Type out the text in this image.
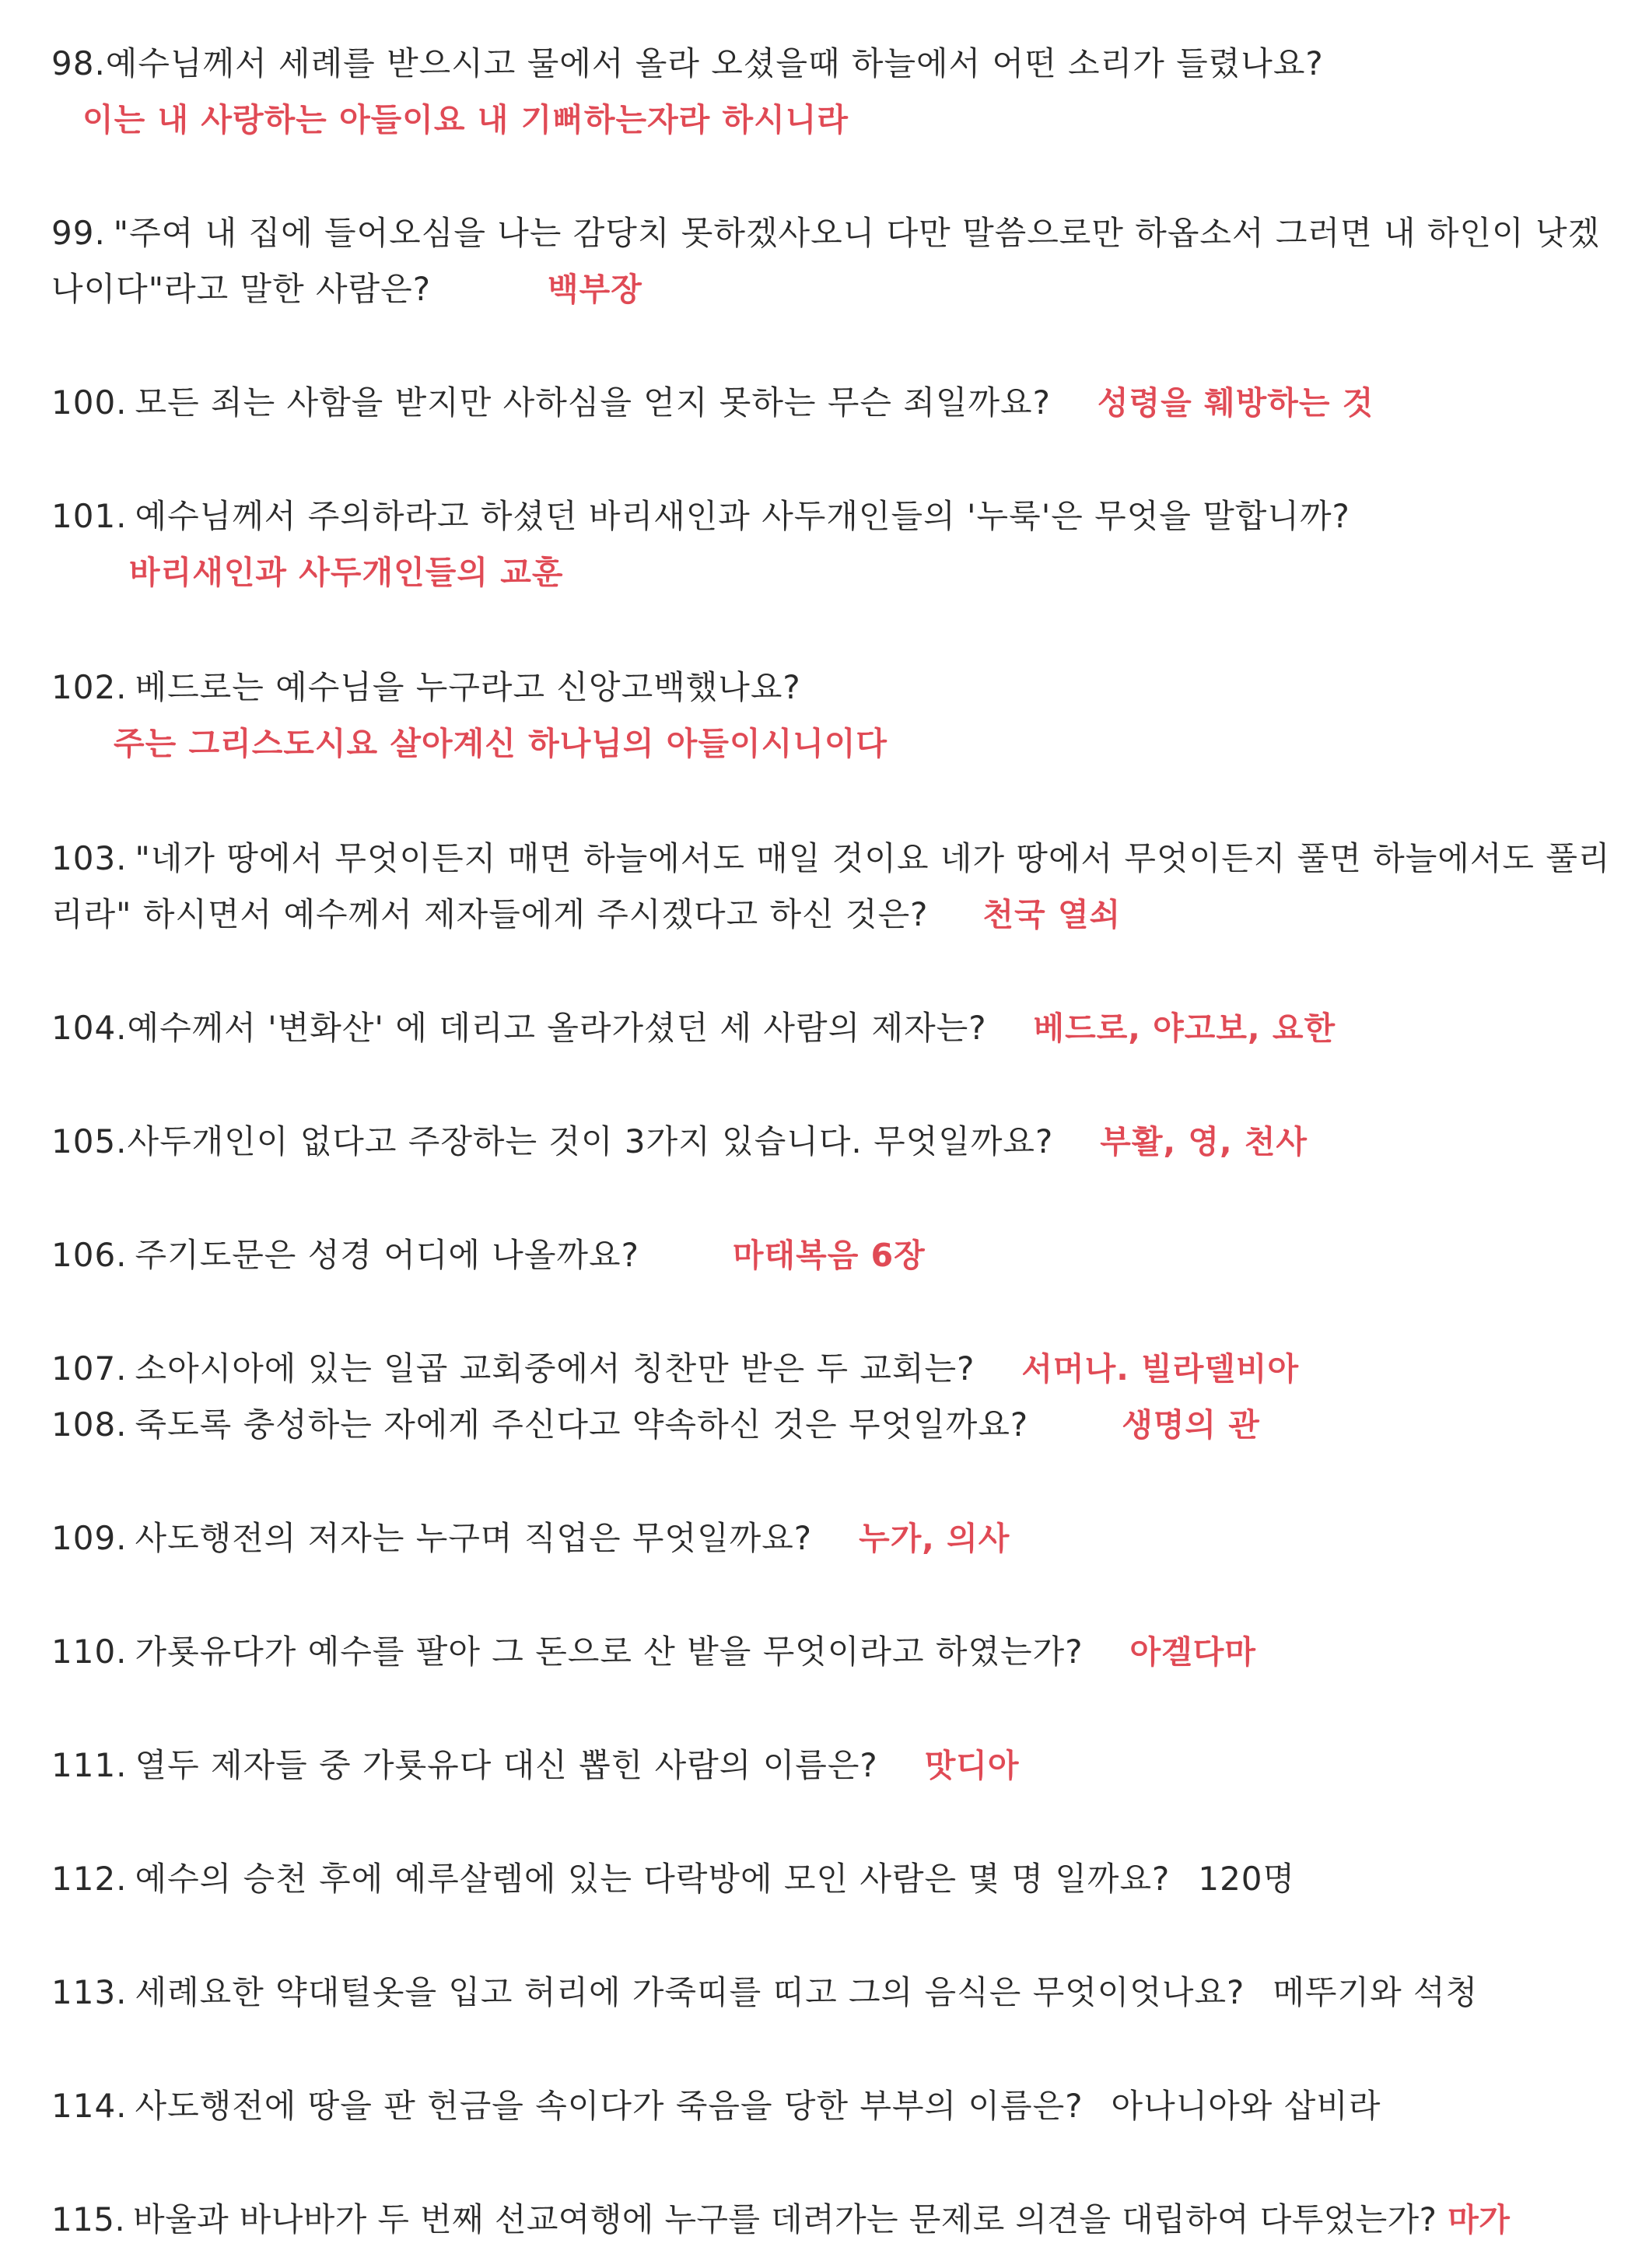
98.예수님께서 세례를 받으시고 물에서 올라 오셨을때 하늘에서 어떤 소리가 들렸나요?
이는 내 사랑하는 아들이요 내 기뻐하는자라 하시니라
99. "주여 내 집에 들어오심을 나는 감당치 못하겠사오니 다만 말씀으로만 하옵소서 그러면 내 하인이 낫겠
나이다"라고 말한 사람은?	백부장
100. 모든 죄는 사함을 받지만 사하심을 얻지 못하는 무슨 죄일까요? 성령을 훼방하는 것
101. 예수님께서 주의하라고 하셨던 바리새인과 사두개인들의 '누룩'은 무엇을 말합니까?
바리새인과 사두개인들의 교훈
102. 베드로는 예수님을 누구라고 신앙고백했나요?
주는 그리스도시요 살아계신 하나님의 아들이시니이다
103. "네가 땅에서 무엇이든지 매면 하늘에서도 매일 것이요 네가 땅에서 무엇이든지 풀면 하늘에서도 풀리
리라" 하시면서 예수께서 제자들에게 주시겠다고 하신 것은? 천국 열쇠
104.예수께서 '변화산' 에 데리고 올라가셨던 세 사람의 제자는? 베드로, 야고보, 요한
105.사두개인이 없다고 주장하는 것이 3가지 있습니다. 무엇일까요? 부활, 영, 천사
106. 주기도문은 성경 어디에 나올까요?	마태복음 6장
107. 소아시아에 있는 일곱 교회중에서 칭찬만 받은 두 교회는? 서머나. 빌라델비아
108. 죽도록 충성하는 자에게 주신다고 약속하신 것은 무엇일까요?	생명의 관
109. 사도행전의 저자는 누구며 직업은 무엇일까요? 누가, 의사
110. 가룟유다가 예수를 팔아 그 돈으로 산 밭을 무엇이라고 하였는가? 아겔다마
111. 열두 제자들 중 가룟유다 대신 뽑힌 사람의 이름은? 맛디아
112. 예수의 승천 후에 예루살렘에 있는 다락방에 모인 사람은 몇 명 일까요? 120명
113. 세례요한 약대털옷을 입고 허리에 가죽띠를 띠고 그의 음식은 무엇이엇나요? 메뚜기와 석청
114. 사도행전에 땅을 판 헌금을 속이다가 죽음을 당한 부부의 이름은? 아나니아와 삽비라
115. 바울과 바나바가 두 번째 선교여행에 누구를 데려가는 문제로 의견을 대립하여 다투었는가? 마가
